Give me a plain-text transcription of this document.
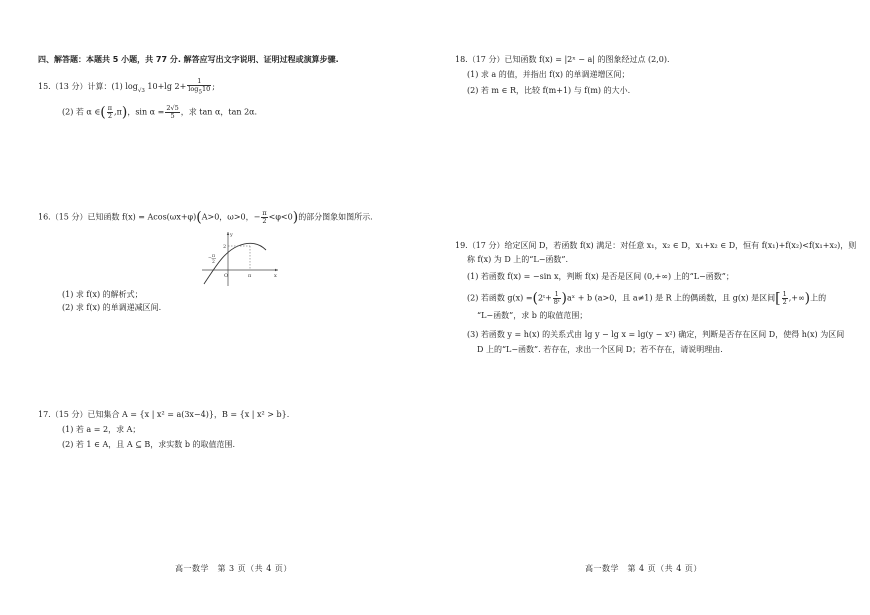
四、解答题：本题共 5 小题，共 77 分. 解答应写出文字说明、证明过程或演算步骤.
15.（13 分）计算：(1) $\log_{√3} 10+\lg$ $2+ \frac{1}{\log_510}$ ;
(2) 若 α ∈( $\frac{\pi}{2} ,\pi$)，$\sin \alpha = \frac{2√5}{5}$ ，求 tan α，tan 2α.
16.（15 分）已知函数 f(x) = Acos(ωx+φ)(A>0，ω>0，− $\frac{\pi}{2} <\varphi<0$)的部分图象如图所示.
y
2
− π
2
O	π	x
(1) 求 f(x) 的解析式；
(2) 求 f(x) 的单调递减区间.
17.（15 分）已知集合 A = {x | x² = a(3x−4)}，B = {x | x² > b}.
(1) 若 a = 2，求 A；
(2) 若 1 ∈ A，且 A ⊆ B，求实数 b 的取值范围.
高一数学　第 3 页（共 4 页）
18.（17 分）已知函数 f(x) = |2ˣ − a| 的图象经过点 (2,0).
(1) 求 a 的值，并指出 f(x) 的单调递增区间；
(2) 若 m ∈ R，比较 f(m+1) 与 f(m) 的大小.
19.（17 分）给定区间 D，若函数 f(x) 满足：对任意 x₁，x₂ ∈ D，x₁+x₂ ∈ D，恒有 f(x₁)+f(x₂)<f(x₁+x₂)，则
称 f(x) 为 D 上的“L−函数”.
(1) 若函数 f(x) = −sin x，判断 f(x) 是否是区间 (0,+∞) 上的“L−函数”；
(2) 若函数 g(x) =(2ᵗ+ $\frac{1}{\text{8ᵗ}}$ )aˣ + b (a>0，且 a≠1) 是 R 上的偶函数，且 g(x) 是区间[ $\frac{1}{2}$ ,+∞)上的
“L−函数”，求 b 的取值范围；
(3) 若函数 y = h(x) 的关系式由 lg y − lg x = lg(y − x²) 确定，判断是否存在区间 D，使得 h(x) 为区间
D 上的“L−函数”. 若存在，求出一个区间 D；若不存在，请说明理由.
高一数学　第 4 页（共 4 页）
